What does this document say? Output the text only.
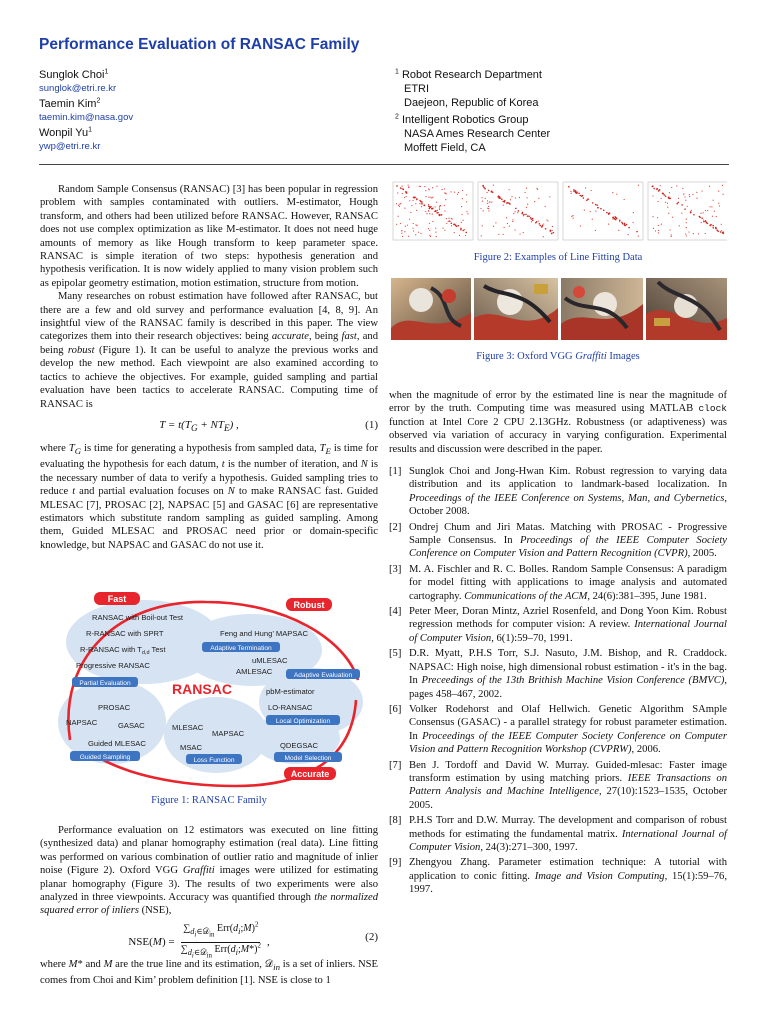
Performance Evaluation of RANSAC Family
Sunglok Choi$^1$
sunglok@etri.re.kr
Taemin Kim$^2$
taemin.kim@nasa.gov
Wonpil Yu$^1$
ywp@etri.re.kr
$^1$ Robot Research Department
ETRI
Daejeon, Republic of Korea
$^2$ Intelligent Robotics Group
NASA Ames Research Center
Moffett Field, CA

Random Sample Consensus (RANSAC) [3] has been popular in regression problem with samples contaminated with outliers. M-estimator, Hough transform, and others had been utilized before RANSAC. However, RANSAC does not use complex optimization as like M-estimator. It does not need huge amounts of memory as like Hough transform to keep parameter space. RANSAC is simple iteration of two steps: hypothesis generation and hypothesis verification. It is now widely applied to many vision problem such as epipolar geometry estimation, motion estimation, structure from motion.

Many researches on robust estimation have followed after RANSAC, but there are a few and old survey and performance evaluation [4, 8, 9]. An insightful view of the RANSAC family is described in this paper. The view categorizes them into their research objectives: being accurate, being fast, and being robust (Figure 1). It can be useful to analyze the previous works and develop the new method. Each viewpoint are also examined according to tactics to achieve the objectives. For example, guided sampling and partial evaluation have been tactics to accelerate RANSAC. Computing time of RANSAC is

$T = t(T_G + NT_E)$ ,	(1)

where $T_G$ is time for generating a hypothesis from sampled data, $T_E$ is time for evaluating the hypothesis for each datum, t is the number of iteration, and N is the necessary number of data to verify a hypothesis. Guided sampling tries to reduce t and partial evaluation focuses on N to make RANSAC fast. Guided MLESAC [7], PROSAC [2], NAPSAC [5] and GASAC [6] are representative estimators which substitute random sampling as guided sampling. Among them, Guided MLESAC and PROSAC need prior or domain-specific knowledge, but NAPSAC and GASAC do not use it.

Fast
Robust
Accurate
RANSAC
RANSAC with Boil-out Test
R-RANSAC with SPRT
R-RANSAC with $T_{d,d}$ Test
Progressive RANSAC
Partial Evaluation
Feng and Hung’ MAPSAC
Adaptive Termination
uMLESAC
AMLESAC	Adaptive Evaluation
pbM-estimator
LO-RANSAC
Local Optimization
PROSAC
NAPSAC	GASAC
Guided MLESAC
Guided Sampling
MLESAC
MAPSAC
MSAC
Loss Function
QDEGSAC
Model Selection
Figure 1: RANSAC Family

Performance evaluation on 12 estimators was executed on line fitting (synthesized data) and planar homography estimation (real data). Line fitting was performed on various combination of outlier ratio and magnitude of inlier noise (Figure 2). Oxford VGG Graffiti images were utilized for estimating planar homography (Figure 3). The results of two experiments were also analyzed in three viewpoints. Accuracy was quantified through the normalized squared error of inliers (NSE),

NSE(M) =
$\sum_{d_i\in 𝒟_{in}}$ $Err(d_i;M)^2$
$\sum_{d_i\in 𝒟_{in}}$ $Err(d_i;M*)^2$ ,	(2)

where M* and M are the true line and its estimation, 𝒟$_{in}$ is a set of inliers. NSE comes from Choi and Kim’ problem definition [1]. NSE is close to 1

Figure 2: Examples of Line Fitting Data
Figure 3: Oxford VGG Graffiti Images

when the magnitude of error by the estimated line is near the magnitude of error by the truth. Computing time was measured using MATLAB clock function at Intel Core 2 CPU 2.13GHz. Robustness (or adaptiveness) was observed via variation of accuracy in varying configuration. Experimental results and discussion were described in the paper.

[1] Sunglok Choi and Jong-Hwan Kim. Robust regression to varying data distribution and its application to landmark-based localization. In Proceedings of the IEEE Conference on Systems, Man, and Cybernetics, October 2008.
[2] Ondrej Chum and Jiri Matas. Matching with PROSAC - Progressive Sample Consensus. In Proceedings of the IEEE Computer Society Conference on Computer Vision and Pattern Recognition (CVPR), 2005.
[3] M. A. Fischler and R. C. Bolles. Random Sample Consensus: A paradigm for model fitting with applications to image analysis and automated cartography. Communications of the ACM, 24(6):381–395, June 1981.
[4] Peter Meer, Doran Mintz, Azriel Rosenfeld, and Dong Yoon Kim. Robust regression methods for computer vision: A review. International Journal of Computer Vision, 6(1):59–70, 1991.
[5] D.R. Myatt, P.H.S Torr, S.J. Nasuto, J.M. Bishop, and R. Craddock. NAPSAC: High noise, high dimensional robust estimation - it's in the bag. In Preceedings of the 13th Brithish Machine Vision Conference (BMVC), pages 458–467, 2002.
[6] Volker Rodehorst and Olaf Hellwich. Genetic Algorithm SAmple Consensus (GASAC) - a parallel strategy for robust parameter estimation. In Proceedings of the IEEE Computer Society Conference on Computer Vision and Pattern Recognition Workshop (CVPRW), 2006.
[7] Ben J. Tordoff and David W. Murray. Guided-mlesac: Faster image transform estimation by using matching priors. IEEE Transactions on Pattern Analysis and Machine Intelligence, 27(10):1523–1535, October 2005.
[8] P.H.S Torr and D.W. Murray. The development and comparison of robust methods for estimating the fundamental matrix. International Journal of Computer Vision, 24(3):271–300, 1997.
[9] Zhengyou Zhang. Parameter estimation technique: A tutorial with application to conic fitting. Image and Vision Computing, 15(1):59–76, 1997.
